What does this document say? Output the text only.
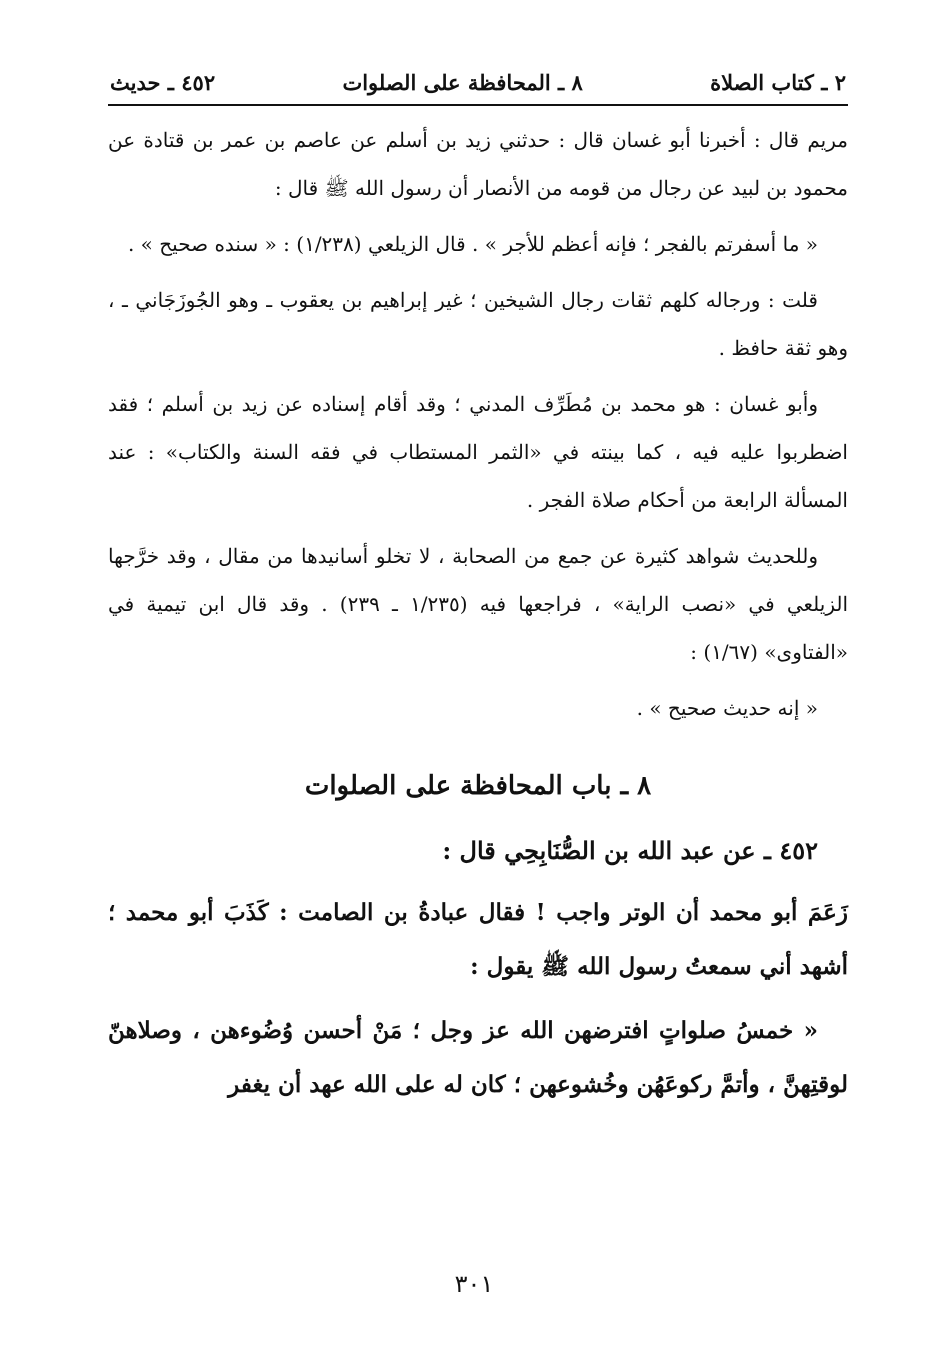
٢ ـ كتاب الصلاة
٨ ـ المحافظة على الصلوات
٤٥٢ ـ حديث

مريم قال : أخبرنا أبو غسان قال : حدثني زيد بن أسلم عن عاصم بن عمر بن قتادة عن محمود بن لبيد عن رجال من قومه من الأنصار أن رسول الله ﷺ قال :

« ما أسفرتم بالفجر ؛ فإنه أعظم للأجر » . قال الزيلعي (١/٢٣٨) : « سنده صحيح » .

قلت : ورجاله كلهم ثقات رجال الشيخين ؛ غير إبراهيم بن يعقوب ـ وهو الجُوزَجَاني ـ ، وهو ثقة حافظ .

وأبو غسان : هو محمد بن مُطَرِّف المدني ؛ وقد أقام إسناده عن زيد بن أسلم ؛ فقد اضطربوا عليه فيه ، كما بينته في «الثمر المستطاب في فقه السنة والكتاب» : عند المسألة الرابعة من أحكام صلاة الفجر .

وللحديث شواهد كثيرة عن جمع من الصحابة ، لا تخلو أسانيدها من مقال ، وقد خرَّجها الزيلعي في «نصب الراية» ، فراجعها فيه (١/٢٣٥ ـ ٢٣٩) . وقد قال ابن تيمية في «الفتاوى» (١/٦٧) :

« إنه حديث صحيح » .

٨ ـ باب المحافظة على الصلوات

٤٥٢ ـ عن عبد الله بن الصُّنَابِحِي قال :

زَعَمَ أبو محمد أن الوتر واجب ! فقال عبادةُ بن الصامت : كَذَبَ أبو محمد ؛ أشهد أني سمعتُ رسول الله ﷺ يقول :

« خمسُ صلواتٍ افترضهن الله عز وجل ؛ مَنْ أحسن وُضُوءهن ، وصلاهنّ لوقتِهنَّ ، وأتمَّ ركوعَهُن وخُشوعهن ؛ كان له على الله عهد أن يغفر

٣٠١
